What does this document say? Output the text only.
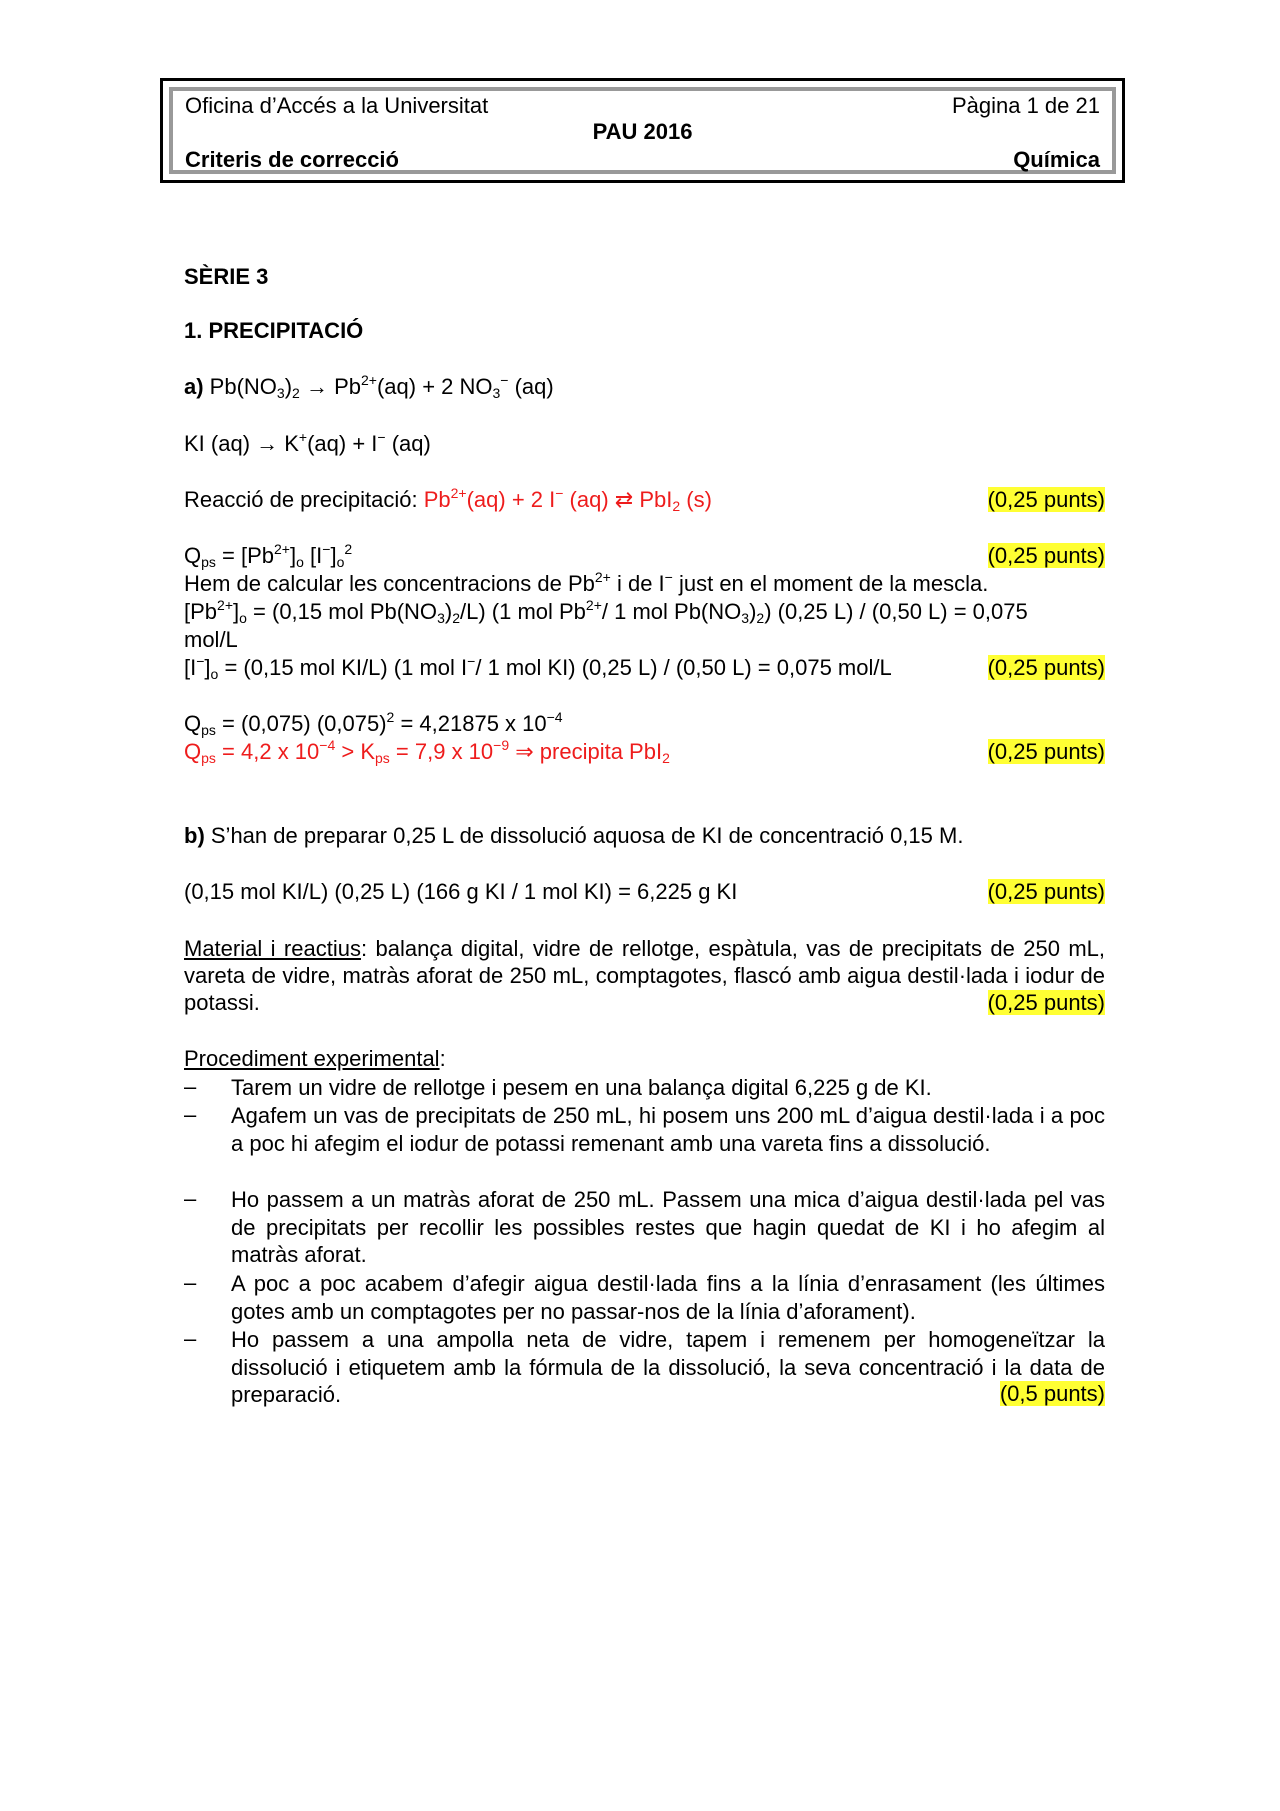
Oficina d’Accés a la Universitat	Pàgina 1 de 21
PAU 2016
Criteris de correcció	Química
SÈRIE 3
1. PRECIPITACIÓ
a) $Pb(NO_3)_2 \to Pb^{2+}(aq) + 2$ $NO_3^-$ (aq)
KI (aq) → K+(aq) + I− (aq)
Reacció de precipitació: $Pb^{2+}(aq) + 2$ I− (aq) ⇄ PbI$_2$ (s)	(0,25 punts)
$Q_{ps} = [Pb^{2+}]_o$ $[I^-]_o^2$	(0,25 punts)
Hem de calcular les concentracions de $Pb^{2+}$ i de I− just en el moment de la mescla.
$[Pb^{2+}]_o = (0,15$ mol $Pb(NO_3)_2/L$) (1 mol $Pb^{2+}/$ 1 mol $Pb(NO_3)_2$) (0,25 L) / (0,50 L) = 0,075
mol/L
$[I^-]_o = (0,15$ mol KI/L) (1 mol I−/ 1 mol KI) (0,25 L) / (0,50 L) = 0,075 mol/L	(0,25 punts)
$Q_{ps} = (0,075) (0,075)^2 = 4,21875$ x $10^{-4}$
$Q_{ps} = 4,2$ x $10^{-4} > K_{ps} = 7,9$ x $10^{-9}$ ⇒ precipita PbI$_2$	(0,25 punts)
b) S’han de preparar 0,25 L de dissolució aquosa de KI de concentració 0,15 M.
(0,15 mol KI/L) (0,25 L) (166 g KI / 1 mol KI) = 6,225 g KI	(0,25 punts)
Material i reactius: balança digital, vidre de rellotge, espàtula, vas de precipitats de 250 mL, vareta de vidre, matràs aforat de 250 mL, comptagotes, flascó amb aigua destil·lada i iodur de potassi.	(0,25 punts)
Procediment experimental:
– Tarem un vidre de rellotge i pesem en una balança digital 6,225 g de KI.
– Agafem un vas de precipitats de 250 mL, hi posem uns 200 mL d’aigua destil·lada i a poc a poc hi afegim el iodur de potassi remenant amb una vareta fins a dissolució.
– Ho passem a un matràs aforat de 250 mL. Passem una mica d’aigua destil·lada pel vas de precipitats per recollir les possibles restes que hagin quedat de KI i ho afegim al matràs aforat.
– A poc a poc acabem d’afegir aigua destil·lada fins a la línia d’enrasament (les últimes gotes amb un comptagotes per no passar-nos de la línia d’aforament).
– Ho passem a una ampolla neta de vidre, tapem i remenem per homogeneïtzar la dissolució i etiquetem amb la fórmula de la dissolució, la seva concentració i la data de preparació.	(0,5 punts)
